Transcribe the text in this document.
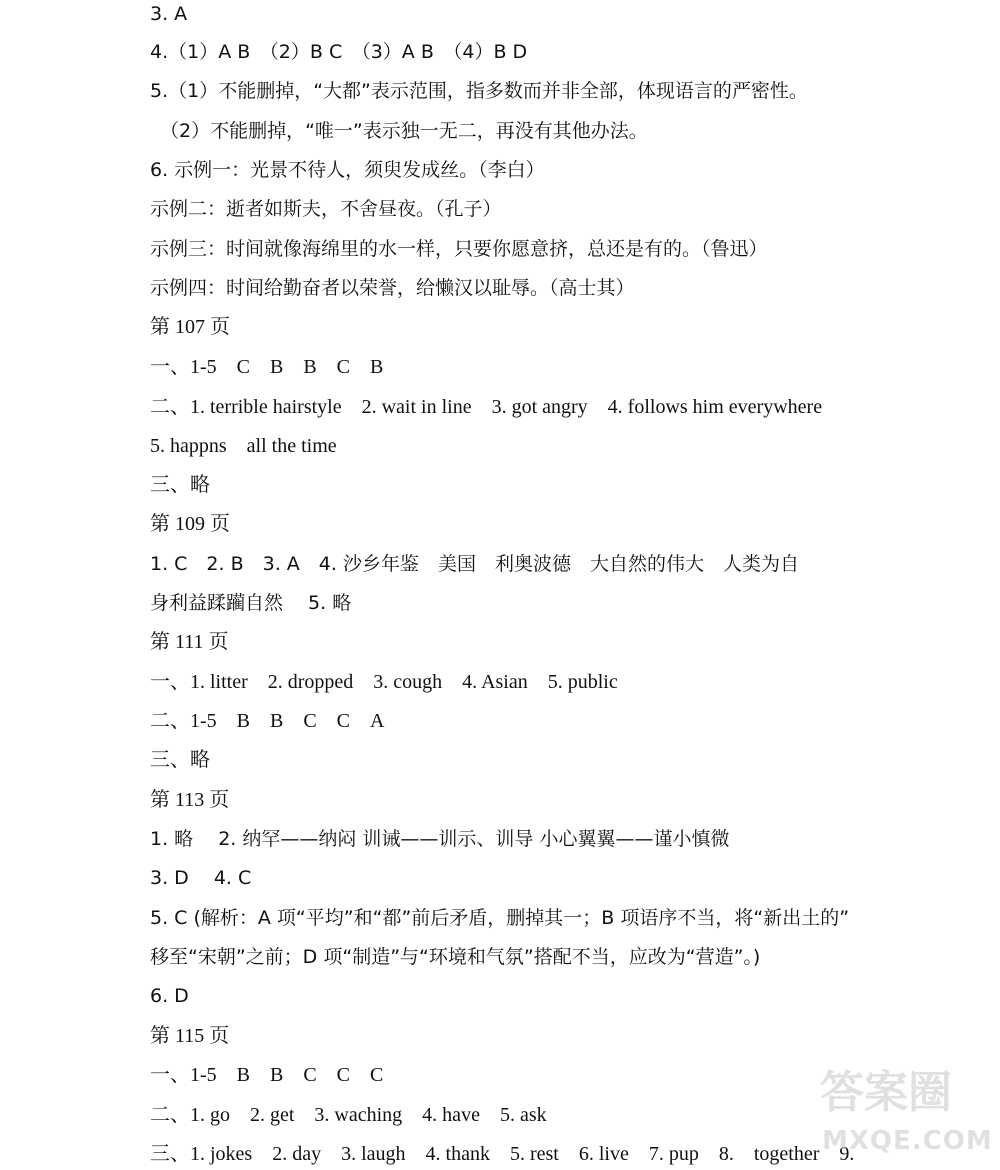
3. A
4.（1）A B　（2）B C　（3）A B　（4）B D
5.（1）不能删掉，“大都”表示范围，指多数而并非全部，体现语言的严密性。
（2）不能删掉，“唯一”表示独一无二，再没有其他办法。
6. 示例一：光景不待人，须臾发成丝。（李白）
示例二：逝者如斯夫，不舍昼夜。（孔子）
示例三：时间就像海绵里的水一样，只要你愿意挤，总还是有的。（鲁迅）
示例四：时间给勤奋者以荣誉，给懒汉以耻辱。（高士其）
第 107 页
一、1-5　C　B　B　C　B
二、1. terrible hairstyle　2. wait in line　3. got angry　4. follows him everywhere
5. happns　all the time
三、略
第 109 页
1. C　2. B　3. A　4. 沙乡年鉴　美国　利奥波德　大自然的伟大　人类为自
身利益蹂躏自然　 5. 略
第 111 页
一、1. litter　2. dropped　3. cough　4. Asian　5. public
二、1-5　B　B　C　C　A
三、略
第 113 页
1. 略　 2. 纳罕——纳闷 训诫——训示、训导 小心翼翼——谨小慎微
3. D　 4. C
5. C (解析：A 项“平均”和“都”前后矛盾，删掉其一；B 项语序不当，将“新出土的”
移至“宋朝”之前；D 项“制造”与“环境和气氛”搭配不当，应改为“营造”。)
6. D
第 115 页
一、1-5　B　B　C　C　C
二、1. go　2. get　3. waching　4. have　5. ask
三、1. jokes　2. day　3. laugh　4. thank　5. rest　6. live　7. pup　8.　together　9.
答案圈
MXQE.COM
